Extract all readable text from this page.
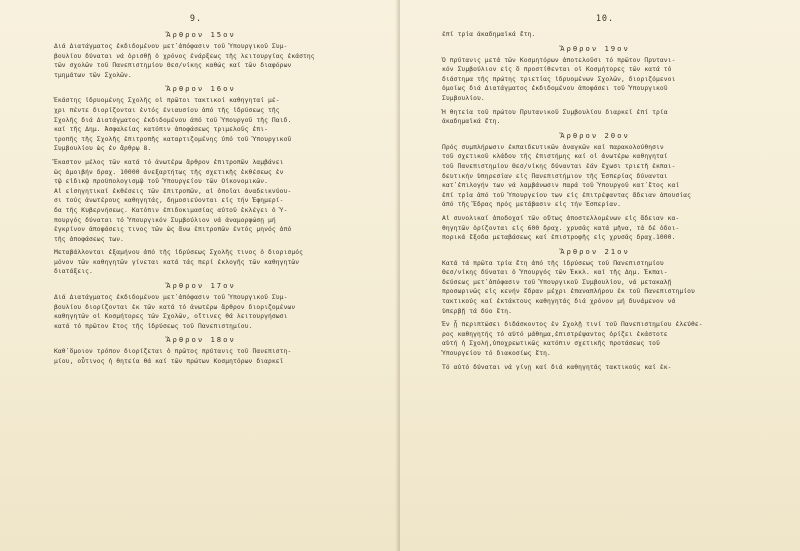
9.
Ἄρθρον 15ον
Διά Διατάγματος ἐκδιδομένου μετ᾽ἀπόφασιν τοῦ Ὑπουργικοῦ Συμ-
βουλίου δύναται νά ὁρισθῇ ὁ χρόνος ἐνάρξεως τῆς λειτουργίας ἑκάστης
τῶν σχολῶν τοῦ Πανεπιστημίου Θεσ/νίκης καθώς καί τῶν διαφόρων
τμημάτων τῶν Σχολῶν.
Ἄρθρον 16ον
Ἑκάστης ἱδρυομένης Σχολῆς οἱ πρῶτοι τακτικοί καθηγηταί μέ-
χρι πέντε διορίζονται ἐντός ἐνιαυσίου ἀπό τῆς ἱδρύσεως τῆς
Σχολῆς διά Διατάγματος ἐκδιδομένου ἀπό τοῦ Ὑπουργοῦ τῆς Παιδ.
καί τῆς Δημ. Ἀσφαλείας κατόπιν ἀποφάσεως τριμελοῦς ἐπι-
τροπῆς τῆς Σχολῆς ἐπιτροπῆς καταρτιζομένης ὑπό τοῦ Ὑπουργικοῦ
Συμβουλίου ὡς ἐν ἄρθρῳ 8.
Ἕκαστον μέλος τῶν κατά τό ἀνωτέρω ἄρθρον ἐπιτροπῶν λαμβάνει
ὡς ἀμοιβήν δραχ. 10000 ἀνεξαρτήτως τῆς σχετικῆς ἐκθέσεως ἐν
τῷ εἰδικῷ προϋπολογισμῷ τοῦ Ὑπουργείου τῶν Οἰκονομικῶν.
Αἱ εἰσηγητικαί ἐκθέσεις τῶν ἐπιτροπῶν, αἱ ὁποῖαι ἀναδεικνύου-
σι τούς ἀνωτέρους καθηγητάς, δημοσιεύονται εἰς τήν Ἐφημερί-
δα τῆς Κυβερνήσεως. Κατόπιν ἐπιδοκιμασίας αὐτοῦ ἐκλέγει ὁ Ὑ-
πουργός δύναται τό Ὑπουργικόν Συμβούλιον νά ἀναμορφώσῃ μή
ἐγκρίνον ἀποφάσεις τινος τῶν ὡς ἄνω ἐπιτροπῶν ἐντός μηνός ἀπό
τῆς ἀποφάσεως των.
Μεταβάλλονται ἐξαμήνου ἀπό τῆς ἱδρύσεως Σχολῆς τινος ὁ διορισμός
μόνον τῶν καθηγητῶν γίνεται κατά τάς περί ἐκλογῆς τῶν καθηγητῶν
διατάξεις.
Ἄρθρον 17ον
Διά Διατάγματος ἐκδιδομένου μετ᾽ἀπόφασιν τοῦ Ὑπουργικοῦ Συμ-
βουλίου διορίζονται ἐκ τῶν κατά τό ἀνωτέρω ἄρθρον διοριζομένων
καθηγητῶν οἱ Κοσμήτορες τῶν Σχολῶν, οἵτινες θά λειτουργήσωσι
κατά τό πρῶτον ἔτος τῆς ἱδρύσεως τοῦ Πανεπιστημίου.
Ἄρθρον 18ον
Καθ᾽ὅμοιον τρόπον διορίζεται ὁ πρῶτος πρύτανις τοῦ Πανεπιστη-
μίου, οὗτινος ἡ θητεία θά καί τῶν πρώτων Κοσμητόρων διαρκεῖ
10.
ἐπί τρία ἀκαδημαϊκά ἔτη.
Ἄρθρον 19ον
Ὁ πρύτανις μετά τῶν Κοσμητόρων ἀποτελοῦσι τό πρῶτον Πρυτανι-
κόν Συμβούλιον εἰς ὃ προστίθενται οἱ Κοσμήτορες τῶν κατά τό
διάστημα τῆς πρώτης τριετίας ἱδρυομένων Σχολῶν, διοριζόμενοι
ὁμοίως διά Διατάγματος ἐκδιδομένου ἀποφάσει τοῦ Ὑπουργικοῦ
Συμβουλίου.
Ἡ θητεία τοῦ πρώτου Πρυτανικοῦ Συμβουλίου διαρκεῖ ἐπί τρία
ἀκαδημαϊκά ἔτη.
Ἄρθρον 20ον
Πρός συμπλήρωσιν ἐκπαιδευτικῶν ἀναγκῶν καί παρακολούθησιν
τοῦ σχετικοῦ κλάδου τῆς ἐπιστήμης καί οἱ ἀνωτέρω καθηγηταί
τοῦ Πανεπιστημίου Θεσ/νίκης δύνανται ἐάν ἔχωσι τριετῆ ἐκπαι-
δευτικήν ὑπηρεσίαν εἰς Πανεπιστήμιον τῆς Ἑσπερίας δύνανται
κατ᾽ἐπιλογήν των νά λαμβάνωσιν παρά τοῦ Ὑπουργοῦ κατ᾽ἔτος καί
ἐπί τρία ἀπό τοῦ Ὑπουργείου των εἰς ἐπιτρέψαντας ἄδειαν ἀπουσίας
ἀπό τῆς Ἕδρας πρός μετάβασιν εἰς τήν Ἑσπερίαν.
Αἱ συνολικαί ἀποδοχαί τῶν οὕτως ἀποστελλομένων εἰς ἄδειαν κα-
θηγητῶν ὁρίζονται εἰς 600 δραχ. χρυσᾶς κατά μῆνα, τά δέ ὁδοι-
πορικά ἔξοδα μεταβάσεως καί ἐπιστροφῆς εἰς χρυσᾶς δραχ.1000.
Ἄρθρον 21ον
Κατά τά πρῶτα τρία ἔτη ἀπό τῆς ἱδρύσεως τοῦ Πανεπιστημίου
Θεσ/νίκης δύναται ὁ Ὑπουργός τῶν Ἐκκλ. καί τῆς Δημ. Ἐκπαι-
δεύσεως μετ᾽ἀπόφασιν τοῦ Ὑπουργικοῦ Συμβουλίου, νά μετακαλῇ
προσωρινῶς εἰς κενήν ἕδραν μέχρι ἐπαναπλήρου ἐκ τοῦ Πανεπιστημίου
τακτικούς καί ἐκτάκτους καθηγητάς διά χρόνον μή δυνάμενον νά
ὑπερβῇ τά δύο ἔτη.
Ἐν ᾗ περιπτώσει διδάσκοντος ἐν Σχολῇ τινί τοῦ Πανεπιστημίου ἐλεύθε-
ρος καθηγητής τό αὐτό μάθημα,ἐπιστρέψαντος ὁρίζει ἑκάστοτε
αὐτή ἡ Σχολή,ὑποχρεωτικῶς κατόπιν σχετικῆς προτάσεως τοῦ
Ὑπουργείου τό διακοσίως ἔτη.
Τό αὐτό δύναται νά γίνῃ καί διά καθηγητάς τακτικούς καί ἐκ-
